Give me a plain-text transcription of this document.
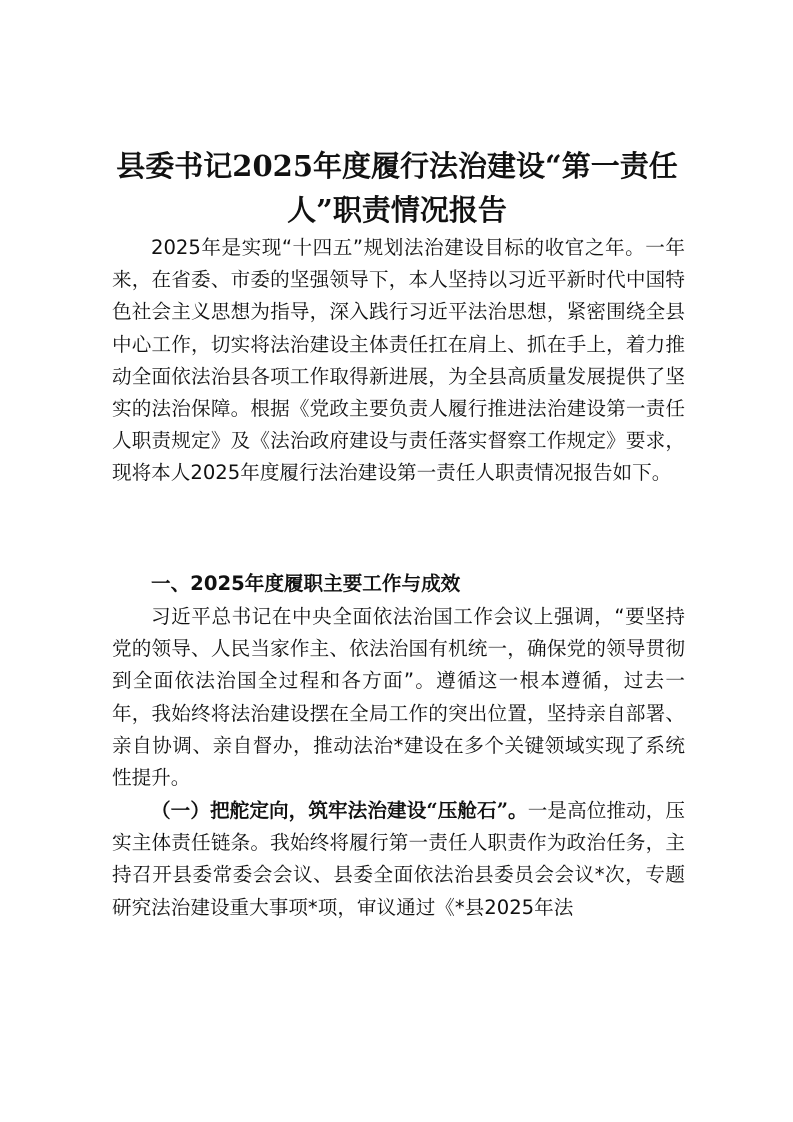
县委书记2025年度履行法治建设“第一责任人”职责情况报告

2025年是实现“十四五”规划法治建设目标的收官之年。一年来，在省委、市委的坚强领导下，本人坚持以习近平新时代中国特色社会主义思想为指导，深入践行习近平法治思想，紧密围绕全县中心工作，切实将法治建设主体责任扛在肩上、抓在手上，着力推动全面依法治县各项工作取得新进展，为全县高质量发展提供了坚实的法治保障。根据《党政主要负责人履行推进法治建设第一责任人职责规定》及《法治政府建设与责任落实督察工作规定》要求，现将本人2025年度履行法治建设第一责任人职责情况报告如下。

一、2025年度履职主要工作与成效

习近平总书记在中央全面依法治国工作会议上强调，“要坚持党的领导、人民当家作主、依法治国有机统一，确保党的领导贯彻到全面依法治国全过程和各方面”。遵循这一根本遵循，过去一年，我始终将法治建设摆在全局工作的突出位置，坚持亲自部署、亲自协调、亲自督办，推动法治*建设在多个关键领域实现了系统性提升。

（一）把舵定向，筑牢法治建设“压舱石”。一是高位推动，压实主体责任链条。我始终将履行第一责任人职责作为政治任务，主持召开县委常委会会议、县委全面依法治县委员会会议*次，专题研究法治建设重大事项*项，审议通过《*县2025年法
